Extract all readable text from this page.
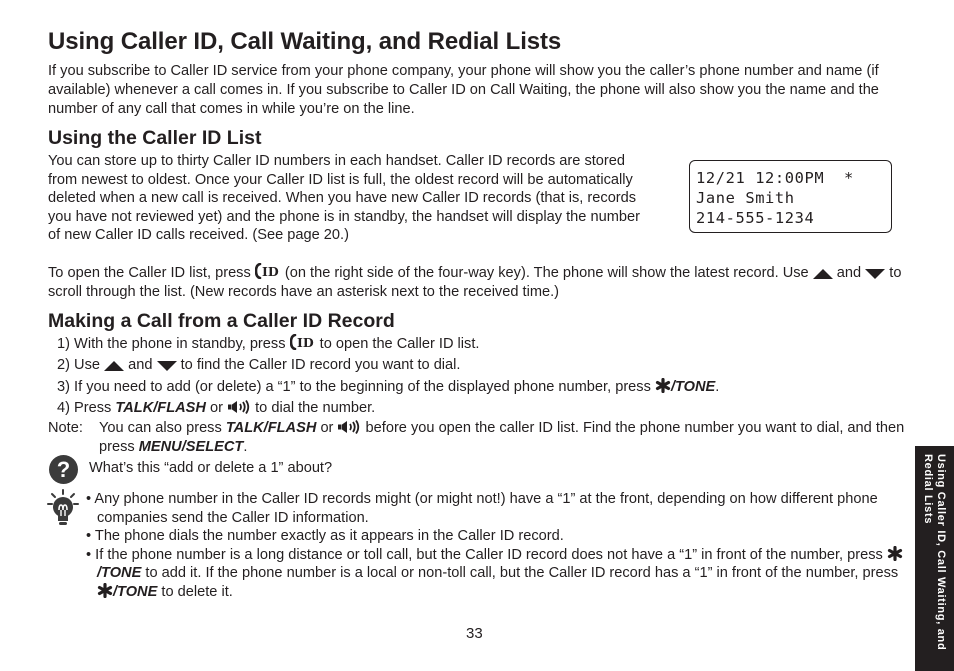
Using Caller ID, Call Waiting, and Redial Lists

If you subscribe to Caller ID service from your phone company, your phone will show you the caller’s phone number and name (if available) whenever a call comes in. If you subscribe to Caller ID on Call Waiting, the phone will also show you the name and the number of any call that comes in while you’re on the line.

Using the Caller ID List

You can store up to thirty Caller ID numbers in each handset. Caller ID records are stored from newest to oldest. Once your Caller ID list is full, the oldest record will be automatically deleted when a new call is received. When you have new Caller ID records (that is, records you have not reviewed yet) and the phone is in standby, the handset will display the number of new Caller ID calls received. (See page 20.)

12/21 12:00PM  *
Jane Smith
214-555-1234

To open the Caller ID list, press ID (on the right side of the four-way key). The phone will show the latest record. Use and to scroll through the list. (New records have an asterisk next to the received time.)

Making a Call from a Caller ID Record
1) With the phone in standby, press ID to open the Caller ID list.
2) Use and to find the Caller ID record you want to dial.
3) If you need to add (or delete) a “1” to the beginning of the displayed phone number, press /TONE.
4) Press TALK/FLASH or to dial the number.
Note: You can also press TALK/FLASH or before you open the caller ID list. Find the phone number you want to dial, and then press MENU/SELECT.
?	What’s this “add or delete a 1” about?
• Any phone number in the Caller ID records might (or might not!) have a “1” at the front, depending on how different phone companies send the Caller ID information.
• The phone dials the number exactly as it appears in the Caller ID record.
• If the phone number is a long distance or toll call, but the Caller ID record does not have a “1” in front of the number, press /TONE to add it. If the phone number is a local or non-toll call, but the Caller ID record has a “1” in front of the number, press /TONE to delete it.
33	Using Caller ID, Call Waiting, and Redial Lists
